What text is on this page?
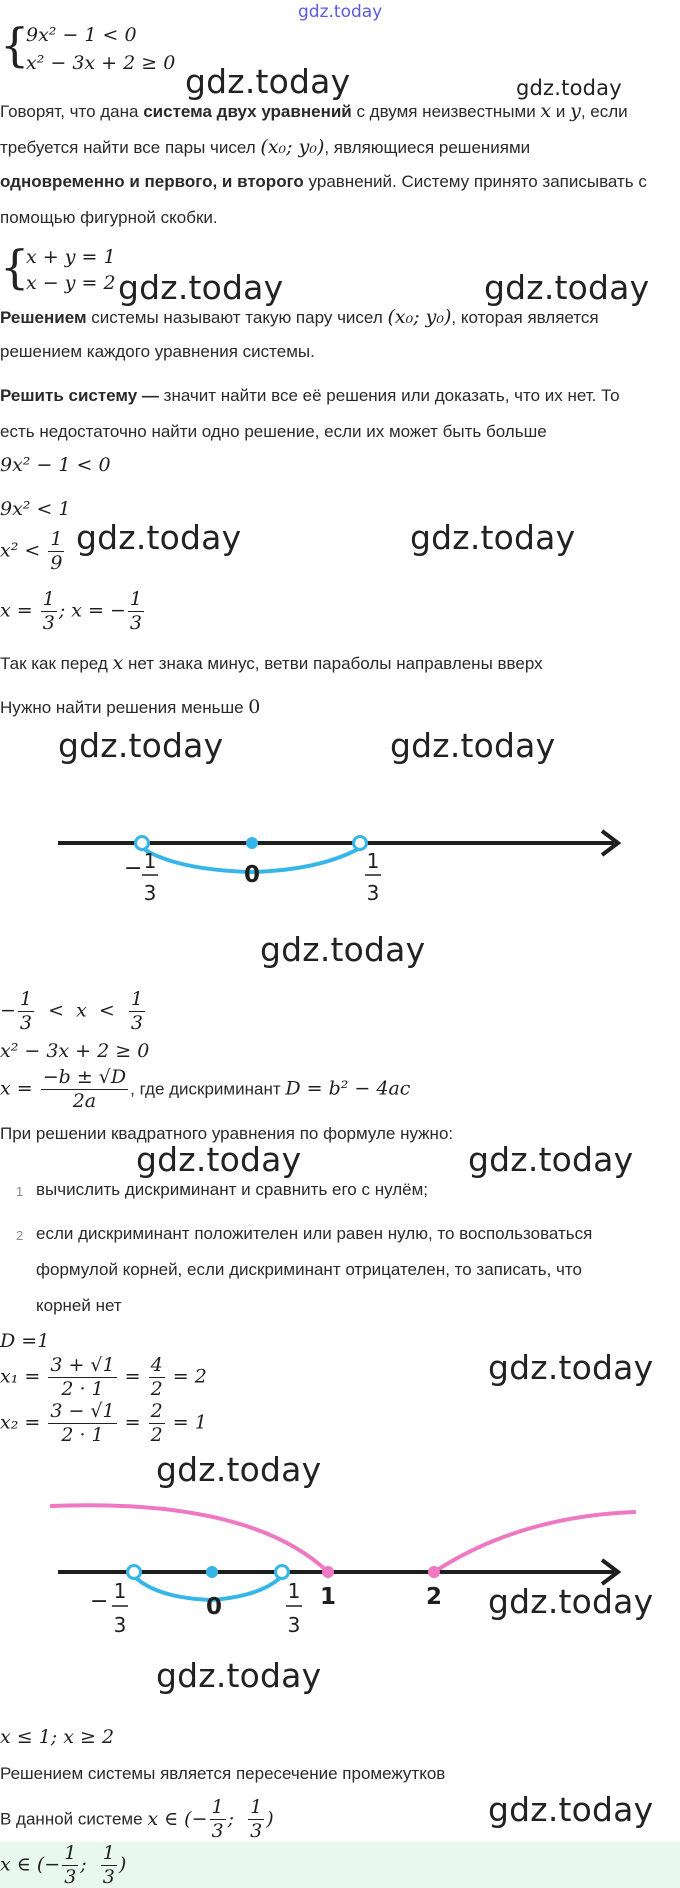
gdz.today
{
9x² − 1 < 0
x² − 3x + 2 ≥ 0 gdz.today	gdz.today
Говорят, что дана система двух уравнений с двумя неизвестными x и y, если
требуется найти все пары чисел (x₀; y₀), являющиеся решениями
одновременно и первого, и второго уравнений. Систему принято записывать с
помощью фигурной скобки.
{
x + y = 1
x − y = 2 gdz.today	gdz.today
Решением системы называют такую пару чисел (x₀; y₀), которая является
решением каждого уравнения системы.
Решить систему — значит найти все её решения или доказать, что их нет. То
есть недостаточно найти одно решение, если их может быть больше
9x² − 1 < 0
9x² < 1
$x^2 < \frac{1}{9}$ gdz.today	gdz.today
$x = \frac{1}{3}$ ; x = − $\frac{1}{3}$
Так как перед x нет знака минус, ветви параболы направлены вверх
Нужно найти решения меньше 0
gdz.today	gdz.today
− 1
3
0
1
3
gdz.today
− $\frac{1}{3} < x < \frac{1}{3}$
x² − 3x + 2 ≥ 0
$x = \frac{-b \pm √D}{2a}$ , где дискриминант D = b² − 4ac
При решении квадратного уравнения по формуле нужно:
gdz.today	gdz.today
1 вычислить дискриминант и сравнить его с нулём;
2 если дискриминант положителен или равен нулю, то воспользоваться
формулой корней, если дискриминант отрицателен, то записать, что
корней нет
D =1
$x_1 = \frac{3 + √1}{2 \cdot 1} = \frac{4}{2} = 2$	gdz.today
$x_2 = \frac{3 - √1}{2 \cdot 1} = \frac{2}{2} = 1$
gdz.today
− 1
3
0
1
3
1	2 gdz.today
gdz.today
x ≤ 1; x ≥ 2
Решением системы является пересечение промежутков
В данной системе x ∈ (− $\frac{1}{3}$ ; $\frac{1}{3}$ )	gdz.today
x ∈ (− $\frac{1}{3}$ ; $\frac{1}{3}$ )
